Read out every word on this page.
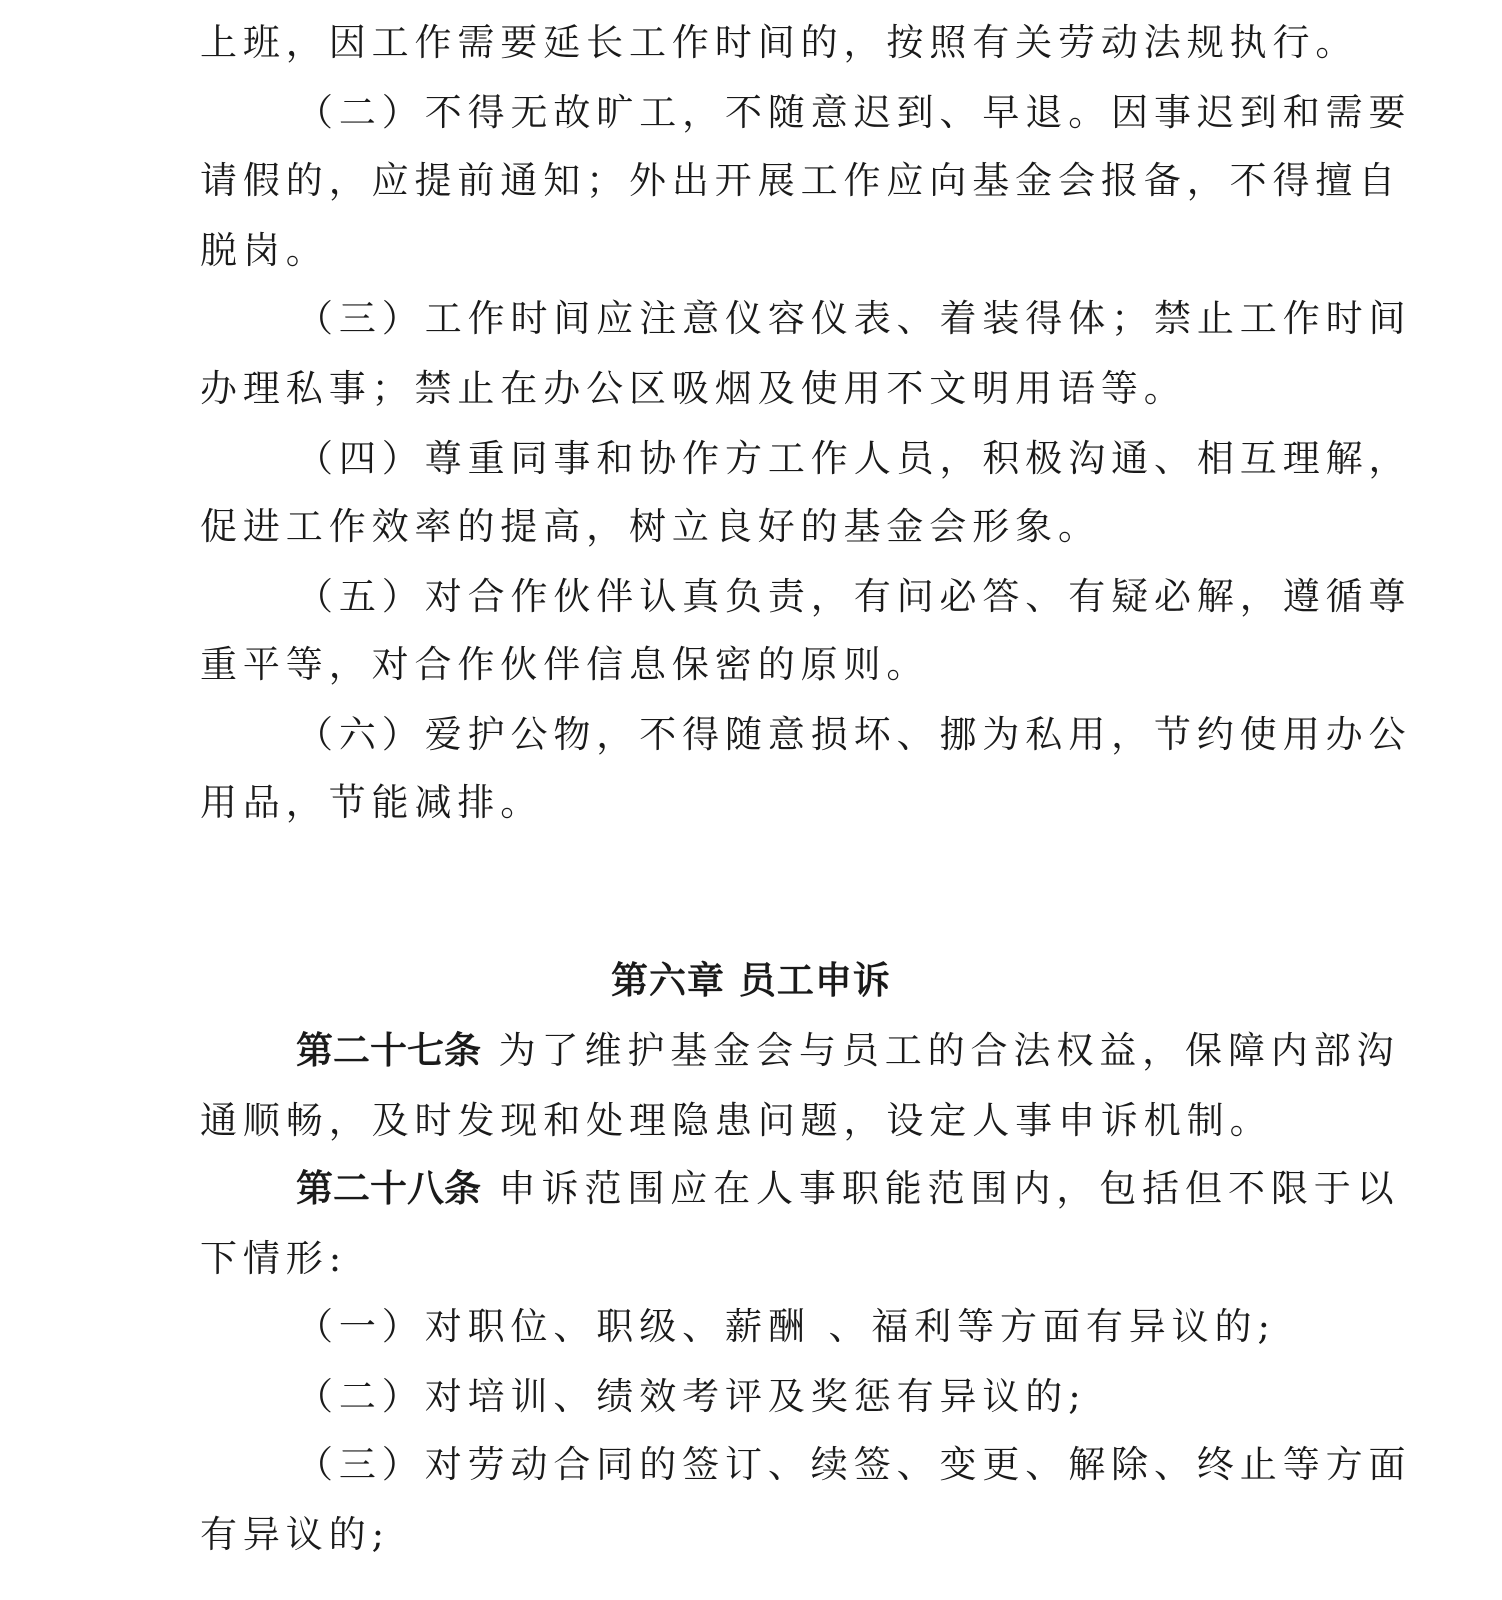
上班，因工作需要延长工作时间的，按照有关劳动法规执行。

（二）不得无故旷工，不随意迟到、早退。因事迟到和需要

请假的，应提前通知；外出开展工作应向基金会报备，不得擅自

脱岗。

（三）工作时间应注意仪容仪表、着装得体；禁止工作时间

办理私事；禁止在办公区吸烟及使用不文明用语等。

（四）尊重同事和协作方工作人员，积极沟通、相互理解，

促进工作效率的提高，树立良好的基金会形象。

（五）对合作伙伴认真负责，有问必答、有疑必解，遵循尊

重平等，对合作伙伴信息保密的原则。

（六）爱护公物，不得随意损坏、挪为私用，节约使用办公

用品，节能减排。

第六章 员工申诉

第二十七条 为了维护基金会与员工的合法权益，保障内部沟

通顺畅，及时发现和处理隐患问题，设定人事申诉机制。

第二十八条 申诉范围应在人事职能范围内，包括但不限于以

下情形:

（一）对职位、职级、薪酬 、福利等方面有异议的;

（二）对培训、绩效考评及奖惩有异议的;

（三）对劳动合同的签订、续签、变更、解除、终止等方面

有异议的;
